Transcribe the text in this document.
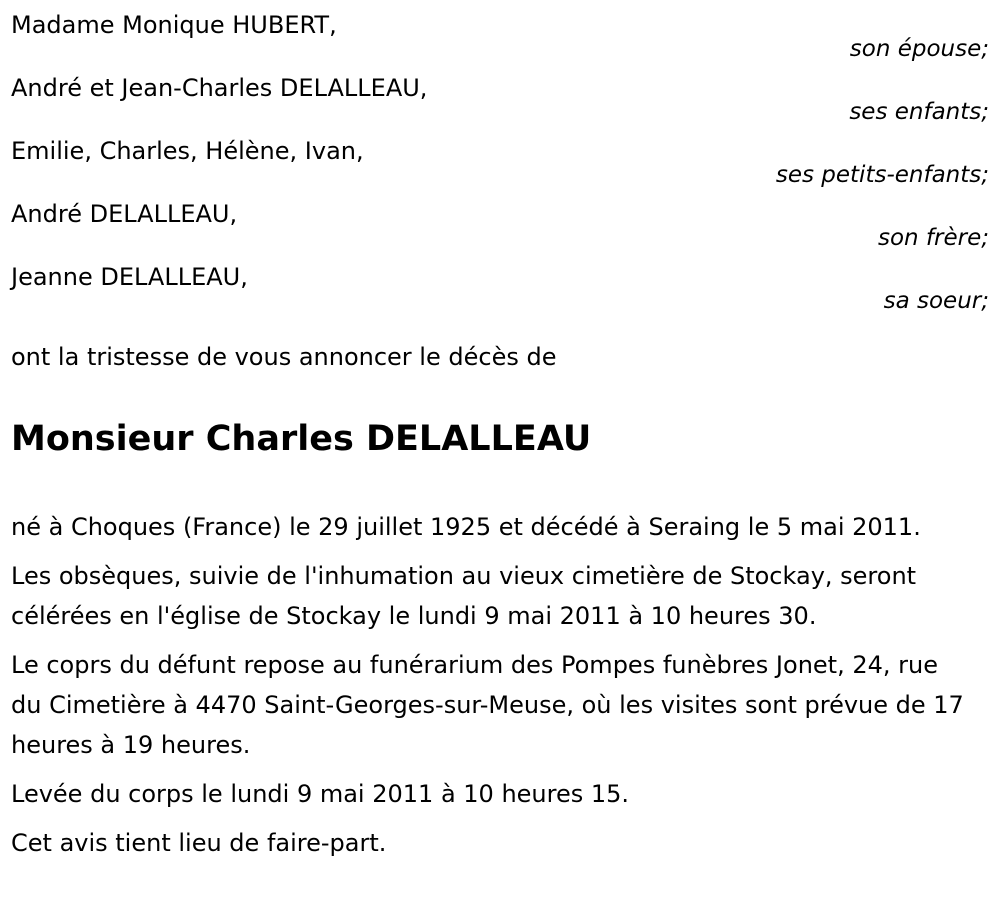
Madame Monique HUBERT,
son épouse;
André et Jean-Charles DELALLEAU,
ses enfants;
Emilie, Charles, Hélène, Ivan,
ses petits-enfants;
André DELALLEAU,
son frère;
Jeanne DELALLEAU,
sa soeur;
ont la tristesse de vous annoncer le décès de
Monsieur Charles DELALLEAU

né à Choques (France) le 29 juillet 1925 et décédé à Seraing le 5 mai 2011.

Les obsèques, suivie de l'inhumation au vieux cimetière de Stockay, seront célérées en l'église de Stockay le lundi 9 mai 2011 à 10 heures 30.

Le coprs du défunt repose au funérarium des Pompes funèbres Jonet, 24, rue du Cimetière à 4470 Saint-Georges-sur-Meuse, où les visites sont prévue de 17 heures à 19 heures.

Levée du corps le lundi 9 mai 2011 à 10 heures 15.

Cet avis tient lieu de faire-part.
